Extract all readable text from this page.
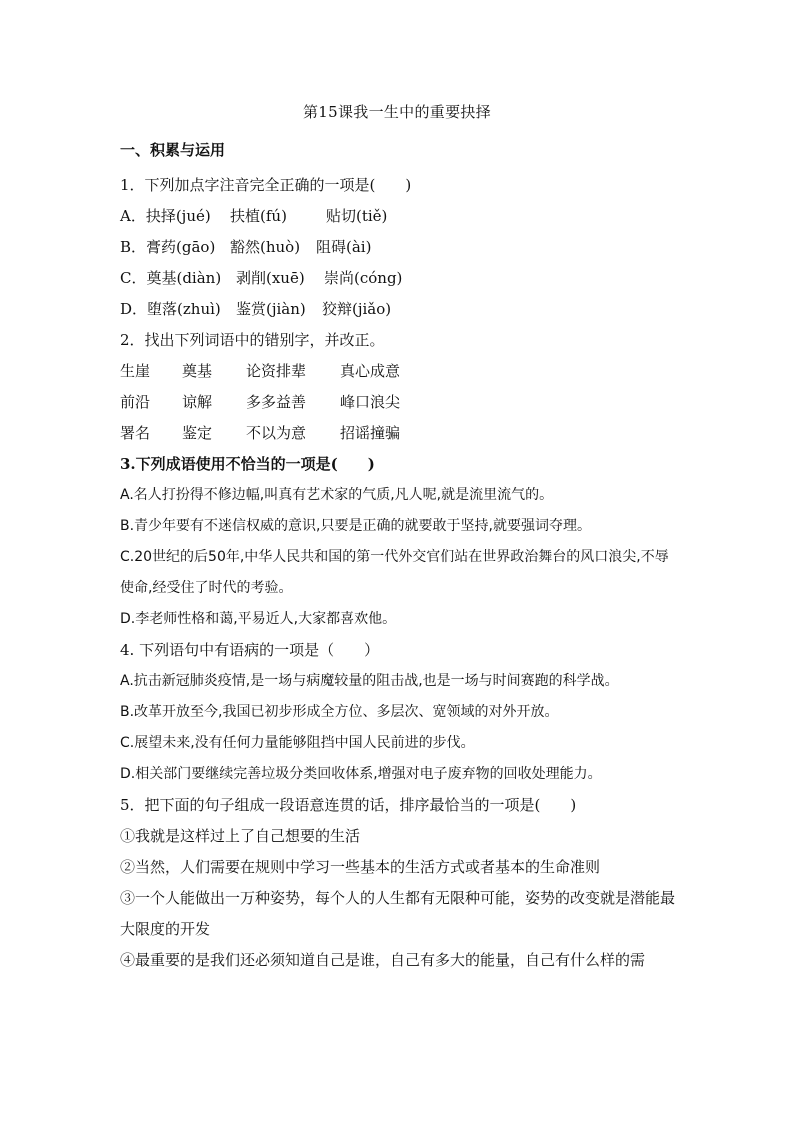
第15课我一生中的重要抉择
一、积累与运用
1．下列加点字注音完全正确的一项是(　　)
A．抉择(jué) 扶植(fú)	贴切(tiě)
B．膏药(gāo) 豁然(huò) 阻碍(ài)
C．奠基(diàn) 剥削(xuē) 崇尚(cóng)
D．堕落(zhuì) 鉴赏(jiàn) 狡辩(jiǎo)
2．找出下列词语中的错别字，并改正。
生崖	奠基	论资排辈	真心成意
前沿	谅解	多多益善	峰口浪尖
署名	鉴定	不以为意	招谣撞骗
3.下列成语使用不恰当的一项是(　　)
A.名人打扮得不修边幅,叫真有艺术家的气质,凡人呢,就是流里流气的。
B.青少年要有不迷信权威的意识,只要是正确的就要敢于坚持,就要强词夺理。
C.20世纪的后50年,中华人民共和国的第一代外交官们站在世界政治舞台的风口浪尖,不辱使命,经受住了时代的考验。
D.李老师性格和蔼,平易近人,大家都喜欢他。
4. 下列语句中有语病的一项是（　　）
A.抗击新冠肺炎疫情,是一场与病魔较量的阻击战,也是一场与时间赛跑的科学战。
B.改革开放至今,我国已初步形成全方位、多层次、宽领域的对外开放。
C.展望未来,没有任何力量能够阻挡中国人民前进的步伐。
D.相关部门要继续完善垃圾分类回收体系,增强对电子废弃物的回收处理能力。
5．把下面的句子组成一段语意连贯的话，排序最恰当的一项是(　　)
①我就是这样过上了自己想要的生活
②当然，人们需要在规则中学习一些基本的生活方式或者基本的生命准则
③一个人能做出一万种姿势，每个人的人生都有无限种可能，姿势的改变就是潜能最大限度的开发
④最重要的是我们还必须知道自己是谁，自己有多大的能量，自己有什么样的需
